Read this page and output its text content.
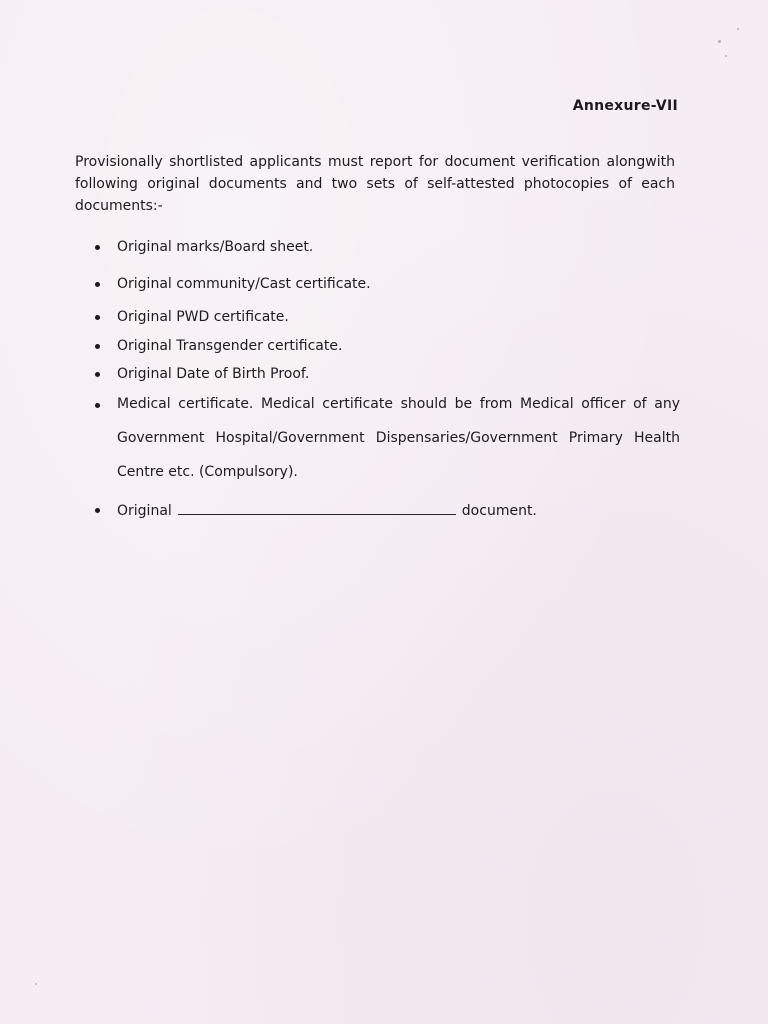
Annexure-VII

Provisionally shortlisted applicants must report for document verification alongwith following original documents and two sets of self-attested photocopies of each documents:-

Original marks/Board sheet.
Original community/Cast certificate.
Original PWD certificate.
Original Transgender certificate.
Original Date of Birth Proof.
Medical certificate. Medical certificate should be from Medical officer of any Government Hospital/Government Dispensaries/Government Primary Health Centre etc. (Compulsory).
Original	document.
